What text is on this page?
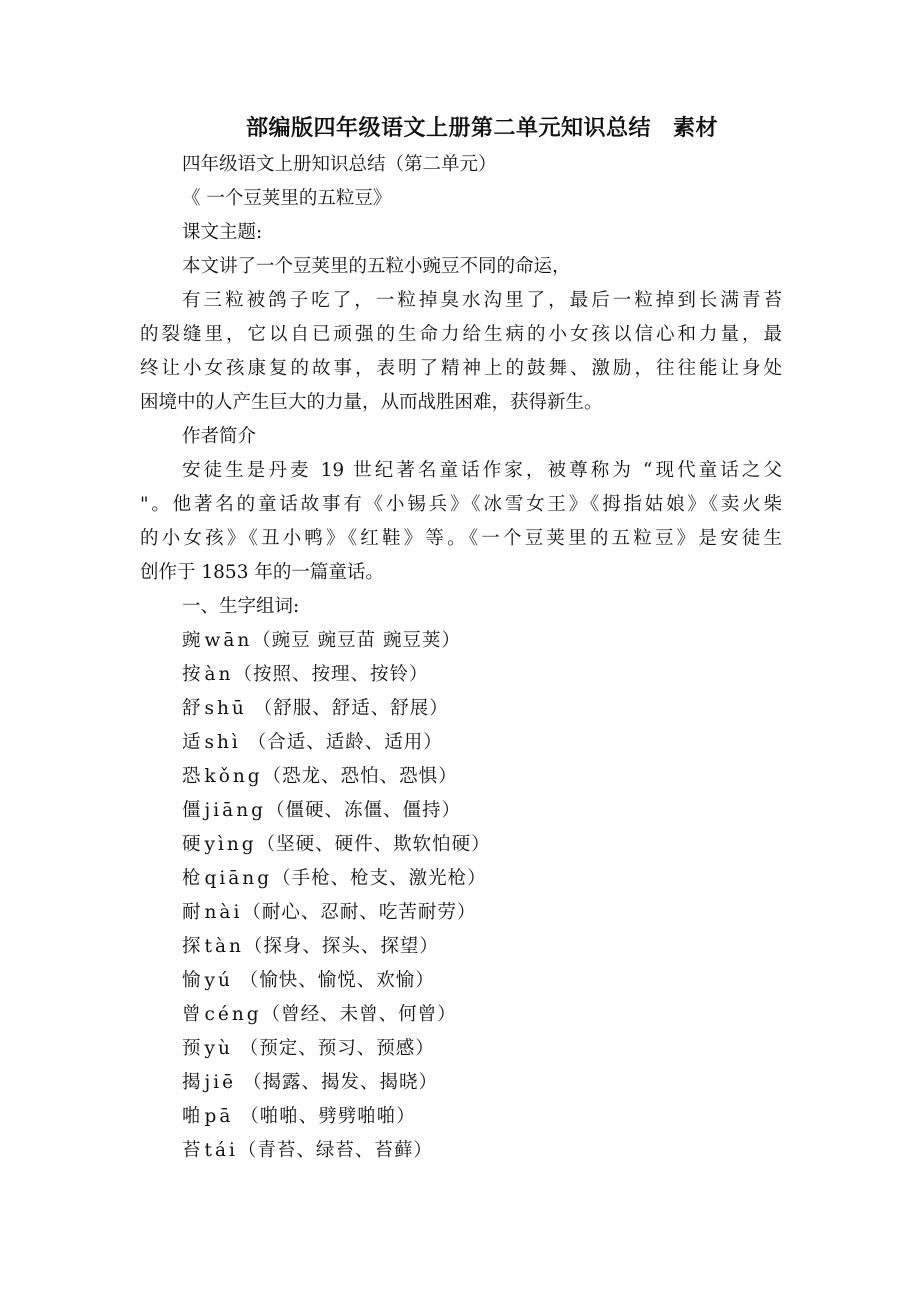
部编版四年级语文上册第二单元知识总结 素材
四年级语文上册知识总结（第二单元）
《 一个豆荚里的五粒豆》
课文主题:
本文讲了一个豆荚里的五粒小豌豆不同的命运，
有三粒被鸽子吃了，一粒掉臭水沟里了，最后一粒掉到长满青苔
的裂缝里，它以自已顽强的生命力给生病的小女孩以信心和力量，最
终让小女孩康复的故事，表明了精神上的鼓舞、激励，往往能让身处
困境中的人产生巨大的力量，从而战胜困难，获得新生。
作者简介
安徒生是丹麦 19 世纪著名童话作家，被尊称为 “现代童话之父
"。他著名的童话故事有《小锡兵》《冰雪女王》《拇指姑娘》《卖火柴
的小女孩》《丑小鸭》《红鞋》等。《一个豆荚里的五粒豆》是安徒生
创作于 1853 年的一篇童话。
一、生字组词:
豌 wān（豌豆 豌豆苗 豌豆荚）
按 àn（按照、按理、按铃）
舒 shū （舒服、舒适、舒展）
适 shì （合适、适龄、适用）
恐 kǒng（恐龙、恐怕、恐惧）
僵 jiāng（僵硬、冻僵、僵持）
硬 yìng（坚硬、硬件、欺软怕硬）
枪 qiāng（手枪、枪支、激光枪）
耐 nài（耐心、忍耐、吃苦耐劳）
探 tàn（探身、探头、探望）
愉 yú （愉快、愉悦、欢愉）
曾 céng（曾经、未曾、何曾）
预 yù （预定、预习、预感）
揭 jiē （揭露、揭发、揭晓）
啪 pā （啪啪、劈劈啪啪）
苔 tái（青苔、绿苔、苔藓）
